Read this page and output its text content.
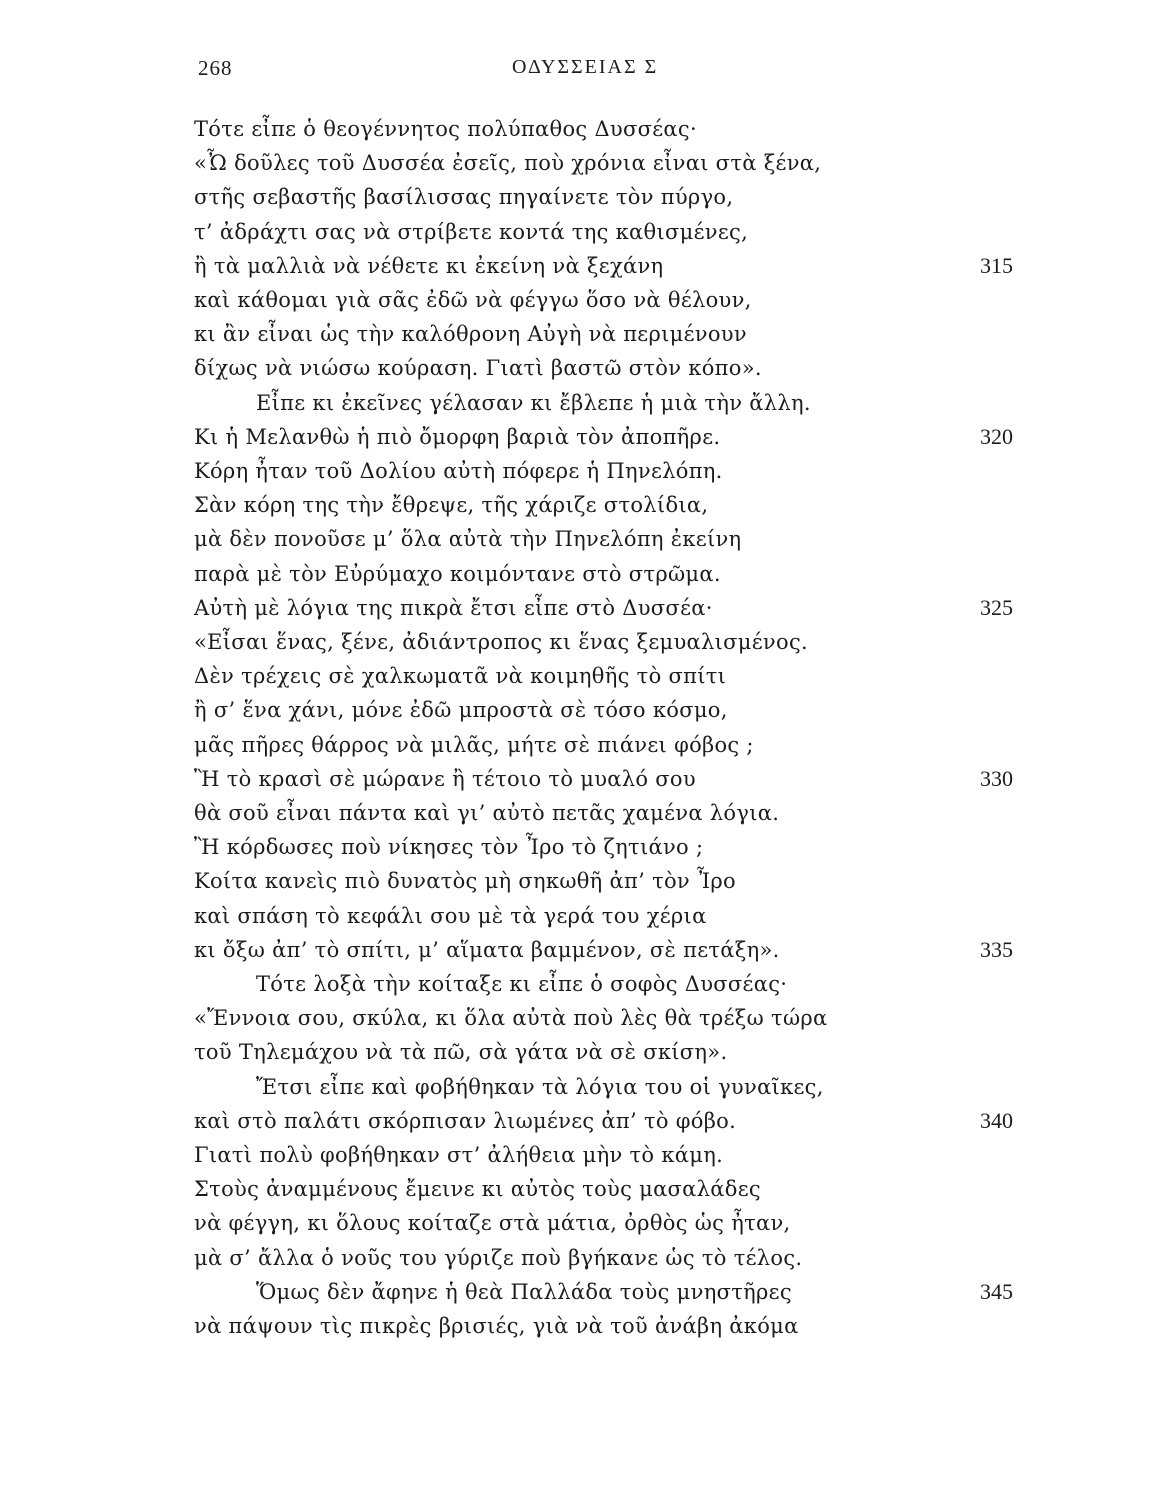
268	ΟΔΥΣΣΕΙΑΣ Σ
Τότε εἶπε ὁ θεογέννητος πολύπαθος Δυσσέας·
«Ὦ δοῦλες τοῦ Δυσσέα ἐσεῖς, ποὺ χρόνια εἶναι στὰ ξένα,
στῆς σεβαστῆς βασίλισσας πηγαίνετε τὸν πύργο,
τ’ ἀδράχτι σας νὰ στρίβετε κοντά της καθισμένες,
ἢ τὰ μαλλιὰ νὰ νέθετε κι ἐκείνη νὰ ξεχάνη	315
καὶ κάθομαι γιὰ σᾶς ἐδῶ νὰ φέγγω ὅσο νὰ θέλουν,
κι ἂν εἶναι ὡς τὴν καλόθρονη Αὐγὴ νὰ περιμένουν
δίχως νὰ νιώσω κούραση. Γιατὶ βαστῶ στὸν κόπο».
Εἶπε κι ἐκεῖνες γέλασαν κι ἔβλεπε ἡ μιὰ τὴν ἄλλη.
Κι ἡ Μελανθὼ ἡ πιὸ ὄμορφη βαριὰ τὸν ἀποπῆρε.	320
Κόρη ἦταν τοῦ Δολίου αὐτὴ πόφερε ἡ Πηνελόπη.
Σὰν κόρη της τὴν ἔθρεψε, τῆς χάριζε στολίδια,
μὰ δὲν πονοῦσε μ’ ὅλα αὐτὰ τὴν Πηνελόπη ἐκείνη
παρὰ μὲ τὸν Εὐρύμαχο κοιμόντανε στὸ στρῶμα.
Αὐτὴ μὲ λόγια της πικρὰ ἔτσι εἶπε στὸ Δυσσέα·	325
«Εἶσαι ἕνας, ξένε, ἀδιάντροπος κι ἕνας ξεμυαλισμένος.
Δὲν τρέχεις σὲ χαλκωματᾶ νὰ κοιμηθῆς τὸ σπίτι
ἢ σ’ ἕνα χάνι, μόνε ἐδῶ μπροστὰ σὲ τόσο κόσμο,
μᾶς πῆρες θάρρος νὰ μιλᾶς, μήτε σὲ πιάνει φόβος ;
Ἢ τὸ κρασὶ σὲ μώρανε ἢ τέτοιο τὸ μυαλό σου	330
θὰ σοῦ εἶναι πάντα καὶ γι’ αὐτὸ πετᾶς χαμένα λόγια.
Ἢ κόρδωσες ποὺ νίκησες τὸν Ἶρο τὸ ζητιάνο ;
Κοίτα κανεὶς πιὸ δυνατὸς μὴ σηκωθῆ ἀπ’ τὸν Ἶρο
καὶ σπάση τὸ κεφάλι σου μὲ τὰ γερά του χέρια
κι ὄξω ἀπ’ τὸ σπίτι, μ’ αἵματα βαμμένον, σὲ πετάξη».	335
Τότε λοξὰ τὴν κοίταξε κι εἶπε ὁ σοφὸς Δυσσέας·
«Ἔννοια σου, σκύλα, κι ὅλα αὐτὰ ποὺ λὲς θὰ τρέξω τώρα
τοῦ Τηλεμάχου νὰ τὰ πῶ, σὰ γάτα νὰ σὲ σκίση».
Ἔτσι εἶπε καὶ φοβήθηκαν τὰ λόγια του οἱ γυναῖκες,
καὶ στὸ παλάτι σκόρπισαν λιωμένες ἀπ’ τὸ φόβο.	340
Γιατὶ πολὺ φοβήθηκαν στ’ ἀλήθεια μὴν τὸ κάμη.
Στοὺς ἀναμμένους ἔμεινε κι αὐτὸς τοὺς μασαλάδες
νὰ φέγγη, κι ὅλους κοίταζε στὰ μάτια, ὀρθὸς ὡς ἦταν,
μὰ σ’ ἄλλα ὁ νοῦς του γύριζε ποὺ βγήκανε ὡς τὸ τέλος.
Ὅμως δὲν ἄφηνε ἡ θεὰ Παλλάδα τοὺς μνηστῆρες	345
νὰ πάψουν τὶς πικρὲς βρισιές, γιὰ νὰ τοῦ ἀνάβη ἀκόμα
